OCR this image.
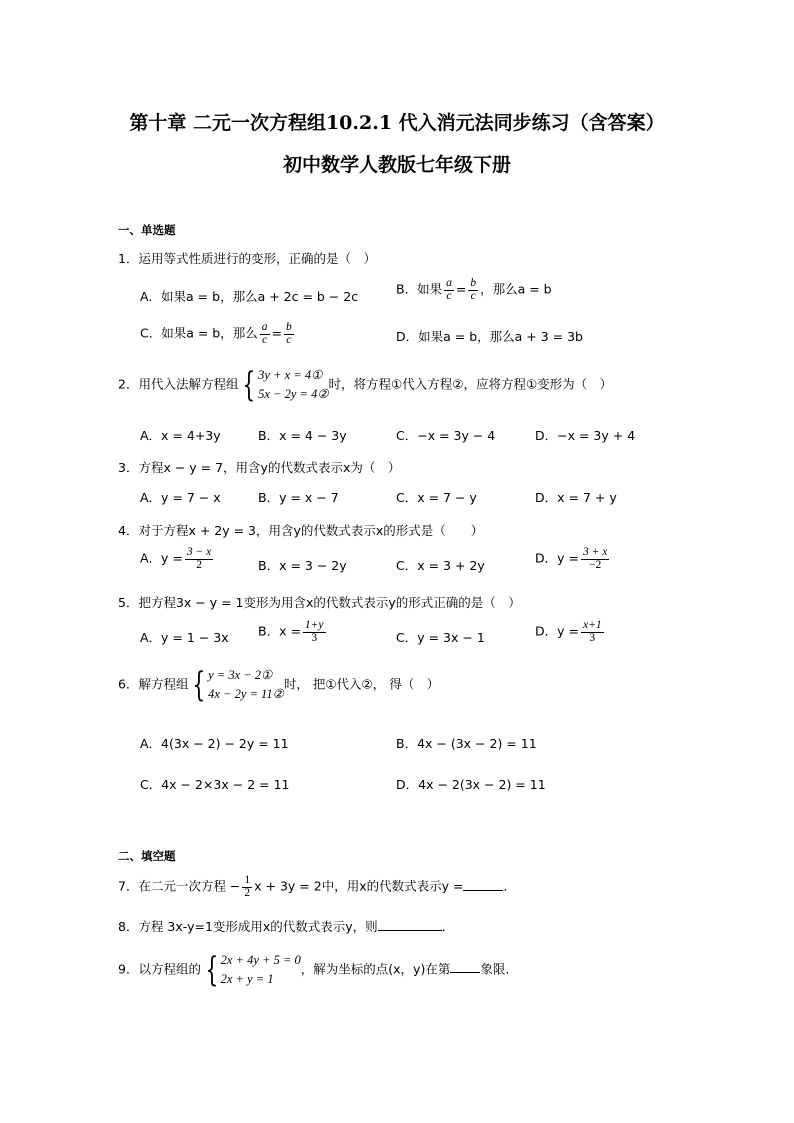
第十章 二元一次方程组10.2.1 代入消元法同步练习（含答案）
初中数学人教版七年级下册
一、单选题
1．运用等式性质进行的变形，正确的是（　）
A．如果a = b，那么a + 2c = b − 2c	B．如果 $\frac{a}{c} = \frac{b}{c}$ ，那么a = b
C．如果a = b，那么 $\frac{a}{c} = \frac{b}{c}$	D．如果a = b，那么a + 3 = 3b
2．用代入法解方程组 { 3y + x = 4①
5x − 2y = 4②
时，将方程①代入方程②，应将方程①变形为（　）
A．x = 4+3y	B．x = 4 − 3y	C．−x = 3y − 4	D．−x = 3y + 4
3．方程x − y = 7，用含y的代数式表示x为（　）
A．y = 7 − x	B．y = x − 7	C．x = 7 − y	D．x = 7 + y
4．对于方程x + 2y = 3，用含y的代数式表示x的形式是（　　）
A．$y = \frac{3 - x}{2}$	B．x = 3 − 2y	C．x = 3 + 2y	D．$y = \frac{3 + x}{-2}$
5．把方程3x − y = 1变形为用含x的代数式表示y的形式正确的是（　）
A．y = 1 − 3x B．$x = \frac{1+y}{3}$	C．y = 3x − 1	D．$y = \frac{x+1}{3}$
6．解方程组 { y = 3x − 2①
4x − 2y = 11②
时， 把①代入②， 得（　）
A．4(3x − 2) − 2y = 11	B．4x − (3x − 2) = 11
C．4x − 2×3x − 2 = 11	D．4x − 2(3x − 2) = 11
二、填空题
7．在二元一次方程 − $\frac{1}{2}$ x + 3y = 2中，用x的代数式表示y =	．
8．方程 3x-y=1变形成用x的代数式表示y，则	．
9．以方程组的 { 2x + 4y + 5 = 0
2x + y = 1
，解为坐标的点(x，y)在第 象限.
